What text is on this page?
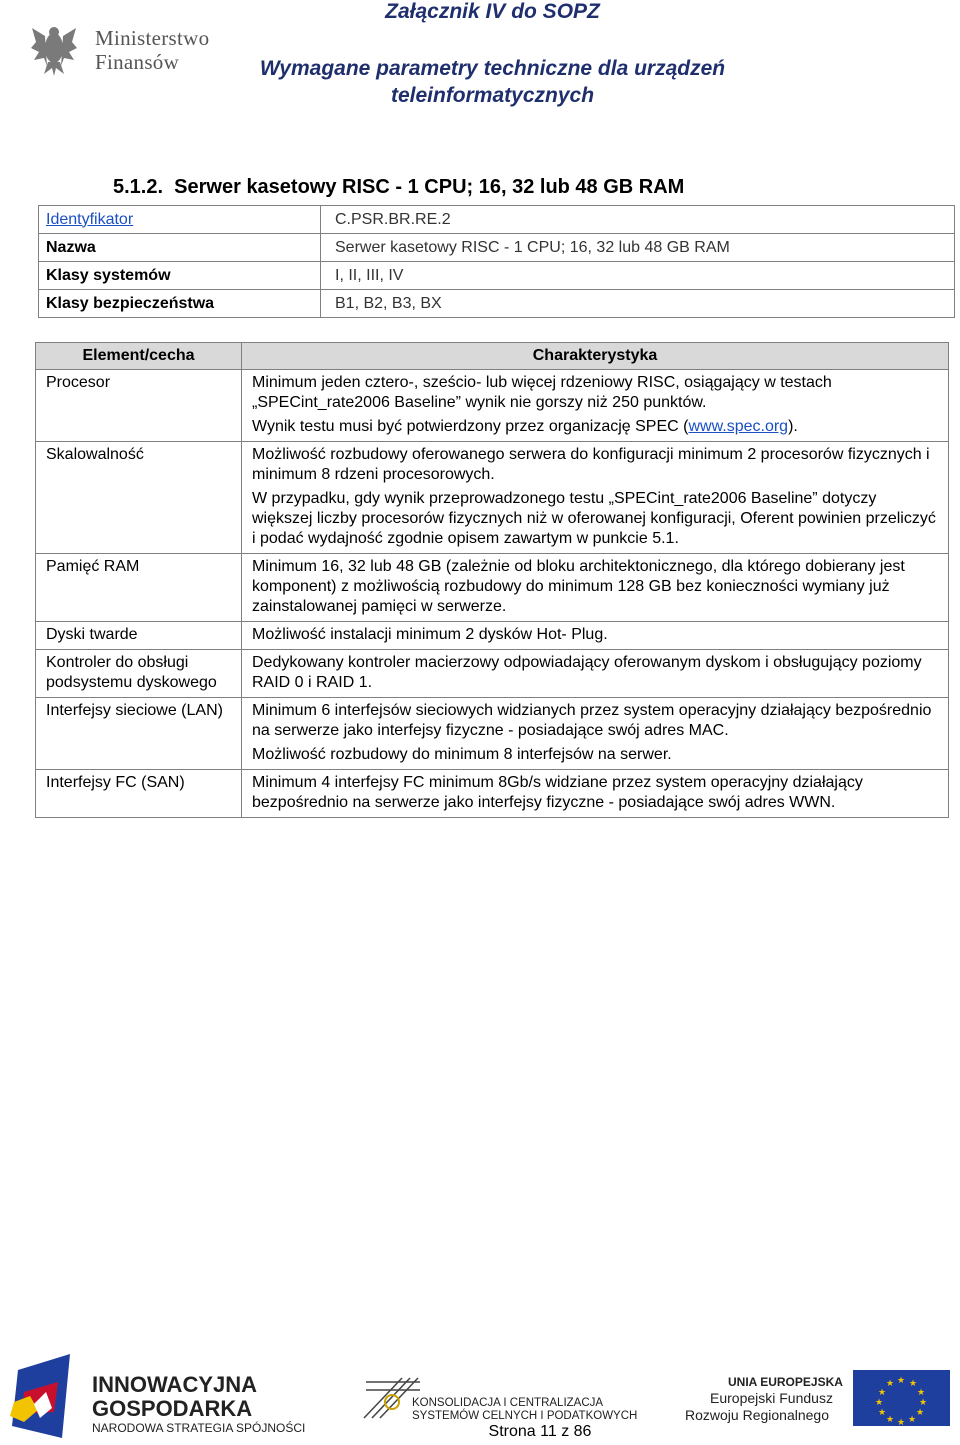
Ministerstwo
Finansów
Załącznik IV do SOPZ
Wymagane parametry techniczne dla urządzeń
teleinformatycznych
5.1.2. Serwer kasetowy RISC - 1 CPU; 16, 32 lub 48 GB RAM
Identyfikator	C.PSR.BR.RE.2
Nazwa	Serwer kasetowy RISC - 1 CPU; 16, 32 lub 48 GB RAM
Klasy systemów	I, II, III, IV
Klasy bezpieczeństwa	B1, B2, B3, BX
Element/cecha	Charakterystyka
Procesor	Minimum jeden cztero-, sześcio- lub więcej rdzeniowy RISC, osiągający w testach „SPECint_rate2006 Baseline” wynik nie gorszy niż 250 punktów.

Wynik testu musi być potwierdzony przez organizację SPEC (www.spec.org).

Skalowalność	Możliwość rozbudowy oferowanego serwera do konfiguracji minimum 2 procesorów fizycznych i minimum 8 rdzeni procesorowych.

W przypadku, gdy wynik przeprowadzonego testu „SPECint_rate2006 Baseline” dotyczy większej liczby procesorów fizycznych niż w oferowanej konfiguracji, Oferent powinien przeliczyć i podać wydajność zgodnie opisem zawartym w punkcie 5.1.

Pamięć RAM	Minimum 16, 32 lub 48 GB (zależnie od bloku architektonicznego, dla którego dobierany jest komponent) z możliwością rozbudowy do minimum 128 GB bez konieczności wymiany już zainstalowanej pamięci w serwerze.

Dyski twarde	Możliwość instalacji minimum 2 dysków Hot- Plug.

Kontroler do obsługi podsystemu dyskowego	Dedykowany kontroler macierzowy odpowiadający oferowanym dyskom i obsługujący poziomy RAID 0 i RAID 1.

Interfejsy sieciowe (LAN)	Minimum 6 interfejsów sieciowych widzianych przez system operacyjny działający bezpośrednio na serwerze jako interfejsy fizyczne - posiadające swój adres MAC.

Możliwość rozbudowy do minimum 8 interfejsów na serwer.

Interfejsy FC (SAN)	Minimum 4 interfejsy FC minimum 8Gb/s widziane przez system operacyjny działający bezpośrednio na serwerze jako interfejsy fizyczne - posiadające swój adres WWN.

INNOWACYJNA
GOSPODARKA
NARODOWA STRATEGIA SPÓJNOŚCI
KONSOLIDACJA I CENTRALIZACJA
SYSTEMÓW CELNYCH I PODATKOWYCH
UNIA EUROPEJSKA
Europejski Fundusz
Rozwoju Regionalnego
★ ★
★
★
★
★
★
★
★
★
★
★
Strona 11 z 86
